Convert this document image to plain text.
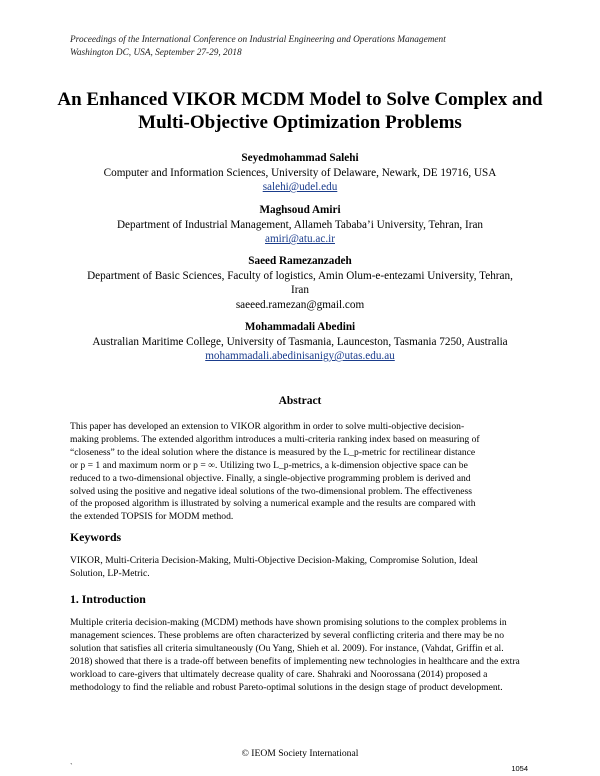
Proceedings of the International Conference on Industrial Engineering and Operations Management
Washington DC, USA, September 27-29, 2018
An Enhanced VIKOR MCDM Model to Solve Complex and
Multi-Objective Optimization Problems
Seyedmohammad Salehi
Computer and Information Sciences, University of Delaware, Newark, DE 19716, USA
salehi@udel.edu
Maghsoud Amiri
Department of Industrial Management, Allameh Tababa’i University, Tehran, Iran
amiri@atu.ac.ir
Saeed Ramezanzadeh
Department of Basic Sciences, Faculty of logistics, Amin Olum-e-entezami University, Tehran,
Iran
saeeed.ramezan@gmail.com
Mohammadali Abedini
Australian Maritime College, University of Tasmania, Launceston, Tasmania 7250, Australia
mohammadali.abedinisanigy@utas.edu.au
Abstract
This paper has developed an extension to VIKOR algorithm in order to solve multi-objective decision-
making problems. The extended algorithm introduces a multi-criteria ranking index based on measuring of
“closeness” to the ideal solution where the distance is measured by the L_p-metric for rectilinear distance
or p = 1 and maximum norm or p = ∞. Utilizing two L_p-metrics, a k-dimension objective space can be
reduced to a two-dimensional objective. Finally, a single-objective programming problem is derived and
solved using the positive and negative ideal solutions of the two-dimensional problem. The effectiveness
of the proposed algorithm is illustrated by solving a numerical example and the results are compared with
the extended TOPSIS for MODM method.
Keywords
VIKOR, Multi-Criteria Decision-Making, Multi-Objective Decision-Making, Compromise Solution, Ideal
Solution, LP-Metric.
1. Introduction
Multiple criteria decision-making (MCDM) methods have shown promising solutions to the complex problems in
management sciences. These problems are often characterized by several conflicting criteria and there may be no
solution that satisfies all criteria simultaneously (Ou Yang, Shieh et al. 2009). For instance, (Vahdat, Griffin et al.
2018) showed that there is a trade-off between benefits of implementing new technologies in healthcare and the extra
workload to care-givers that ultimately decrease quality of care. Shahraki and Noorossana (2014) proposed a
methodology to find the reliable and robust Pareto-optimal solutions in the design stage of product development.
© IEOM Society International
`	1054
